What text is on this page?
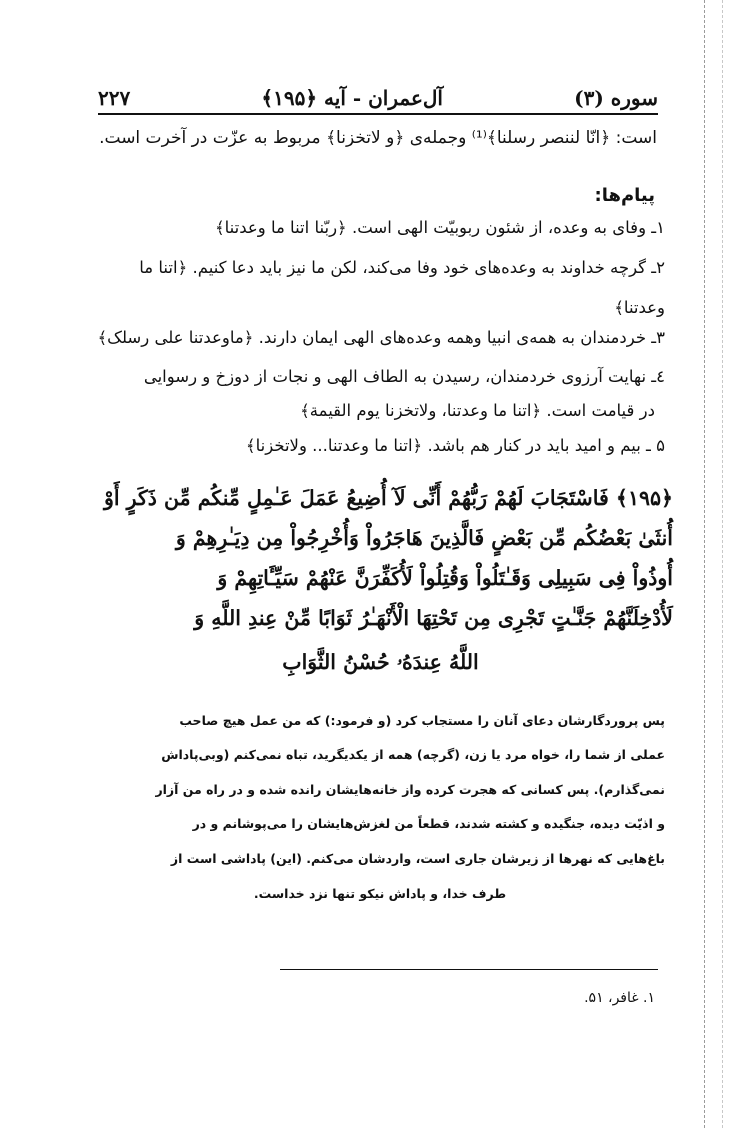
۲۲۷	آل‌عمران - آیه ﴿۱۹۵﴾	سوره (۳)
است: ﴿انّا لننصر رسلنا﴾⁽¹⁾ وجمله‌ی ﴿و لاتخزنا﴾ مربوط به عزّت در آخرت است.
پیام‌ها:
۱ـ وفای به وعده، از شئون ربوبیّت الهی است. ﴿ربّنا اتنا ما وعدتنا﴾
۲ـ گرچه خداوند به وعده‌های خود وفا می‌کند، لکن ما نیز باید دعا کنیم. ﴿اتنا ما
وعدتنا﴾
۳ـ خردمندان به همه‌ی انبیا وهمه وعده‌های الهی ایمان دارند. ﴿ماوعدتنا علی رسلک﴾
٤ـ نهایت آرزوی خردمندان، رسیدن به الطاف الهی و نجات از دوزخ و رسوایی
در قیامت است. ﴿اتنا ما وعدتنا، ولاتخزنا یوم القیمة﴾
۵ ـ بیم و امید باید در کنار هم باشد. ﴿اتنا ما وعدتنا... ولاتخزنا﴾
﴿۱۹۵﴾ فَاسْتَجَابَ لَهُمْ رَبُّهُمْ أَنِّی لَآ أُضِیعُ عَمَلَ عَـٰمِلٍ مِّنکُم مِّن ذَکَرٍ أَوْ
أُنثَىٰ بَعْضُکُم مِّن بَعْضٍ فَالَّذِینَ هَاجَرُواْ وَأُخْرِجُواْ مِن دِیَـٰرِهِمْ وَ
أُوذُواْ فِی سَبِیلِی وَقَـٰتَلُواْ وَقُتِلُواْ لَأُکَفِّرَنَّ عَنْهُمْ سَیِّـَٔاتِهِمْ وَ
لَأُدْخِلَنَّهُمْ جَنَّـٰتٍ تَجْرِی مِن تَحْتِهَا الْأَنْهَـٰرُ ثَوَابًا مِّنْ عِندِ اللَّهِ وَ
اللَّهُ عِندَهُۥ حُسْنُ الثَّوَابِ
پس پروردگارشان دعای آنان را مستجاب کرد (و فرمود:) که من عمل هیچ صاحب
عملی از شما را، خواه مرد یا زن، (گرچه) همه از یکدیگرید، تباه نمی‌کنم (وبی‌پاداش
نمی‌گذارم). پس کسانی که هجرت کرده واز خانه‌هایشان رانده شده و در راه من آزار
و اذیّت دیده، جنگیده و کشته شدند، قطعاً من لغزش‌هایشان را می‌پوشانم و در
باغ‌هایی که نهرها از زیرشان جاری است، واردشان می‌کنم. (این) پاداشی است از
طرف خدا، و پاداش نیکو تنها نزد خداست.
۱. غافر، ۵۱.
